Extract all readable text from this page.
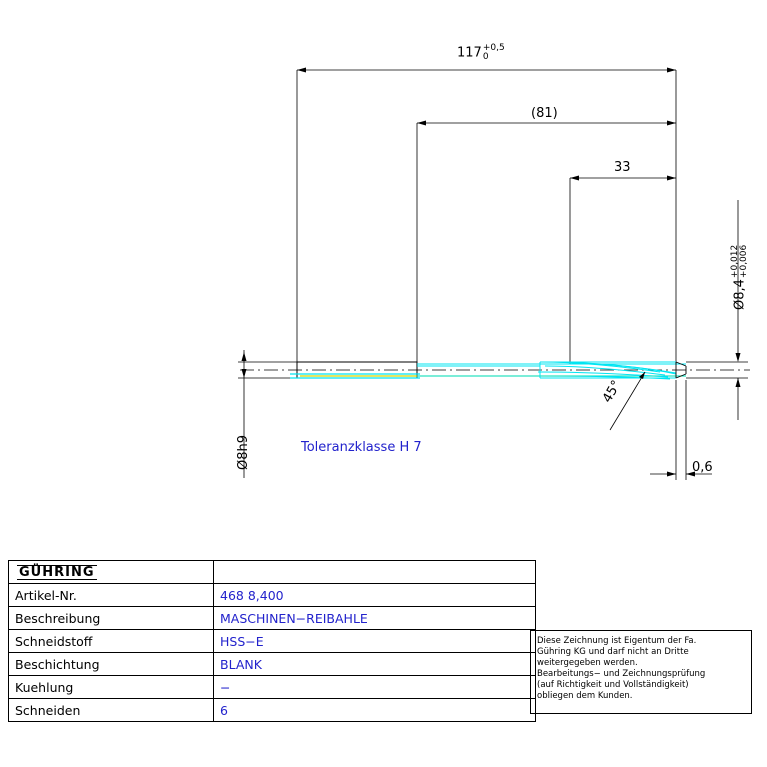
117 +0,5
0
(81)
33
0,6
Ø8h9
Ø8,4
+0,012 +0,006
45°
Toleranzklasse H 7
GÜHRING	
Artikel-Nr.	468 8,400
Beschreibung	MASCHINEN−REIBAHLE
Schneidstoff	HSS−E
Beschichtung	BLANK
Kuehlung	−
Schneiden	6
Diese Zeichnung ist Eigentum der Fa.
Gühring KG und darf nicht an Dritte
weitergegeben werden.
Bearbeitungs− und Zeichnungsprüfung
(auf Richtigkeit und Vollständigkeit)
obliegen dem Kunden.
